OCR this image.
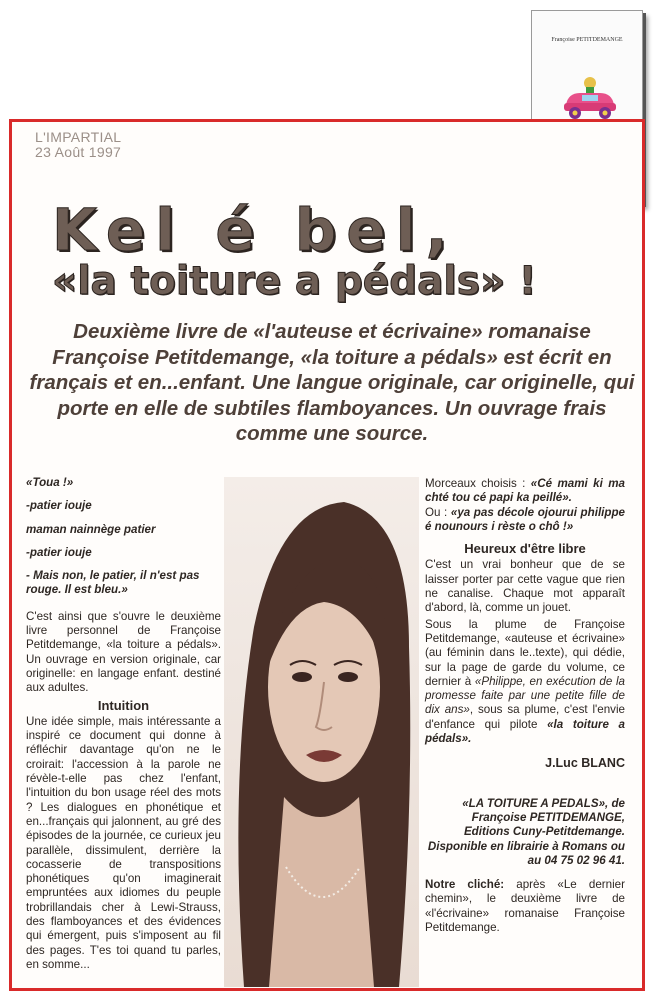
Françoise PETITDEMANGE
L'IMPARTIAL
23 Août 1997
Kel é bel,
«la toiture a pédals» !
Deuxième livre de «l'auteuse et écrivaine» romanaise Françoise Petitdemange, «la toiture a pédals» est écrit en français et en...enfant. Une langue originale, car originelle, qui porte en elle de subtiles flamboyances. Un ouvrage frais comme une source.

«Toua !»

-patier iouje

maman nainnège patier

-patier iouje

- Mais non, le patier, il n'est pas rouge. Il est bleu.»

C'est ainsi que s'ouvre le deuxième livre personnel de Françoise Petitdemange, «la toiture a pédals». Un ouvrage en version originale, car originelle: en langage enfant. destiné aux adultes.

Intuition

Une idée simple, mais intéressante a inspiré ce document qui donne à réfléchir davantage qu'on ne le croirait: l'accession à la parole ne révèle-t-elle pas chez l'enfant, l'intuition du bon usage réel des mots ? Les dialogues en phonétique et en...français qui jalonnent, au gré des épisodes de la journée, ce curieux jeu parallèle, dissimulent, derrière la cocasserie de transpositions phonétiques qu'on imaginerait empruntées aux idiomes du peuple trobrillandais cher à Lewi-Strauss, des flamboyances et des évidences qui émergent, puis s'imposent au fil des pages. T'es toi quand tu parles, en somme...

Morceaux choisis : «Cé mami ki ma chté tou cé papi ka peillé».
Ou : «ya pas décole ojourui philippe é nounours i rèste o chô !»

Heureux d'être libre

C'est un vrai bonheur que de se laisser porter par cette vague que rien ne canalise. Chaque mot apparaît d'abord, là, comme un jouet.

Sous la plume de Françoise Petitdemange, «auteuse et écrivaine» (au féminin dans le..texte), qui dédie, sur la page de garde du volume, ce dernier à «Philippe, en exécution de la promesse faite par une petite fille de dix ans», sous sa plume, c'est l'envie d'enfance qui pilote «la toiture a pédals».

J.Luc BLANC

«LA TOITURE A PEDALS», de Françoise PETITDEMANGE, Editions Cuny-Petitdemange. Disponible en librairie à Romans ou au 04 75 02 96 41.

Notre cliché: après «Le dernier chemin», le deuxième livre de «l'écrivaine» romanaise Françoise Petitdemange.
